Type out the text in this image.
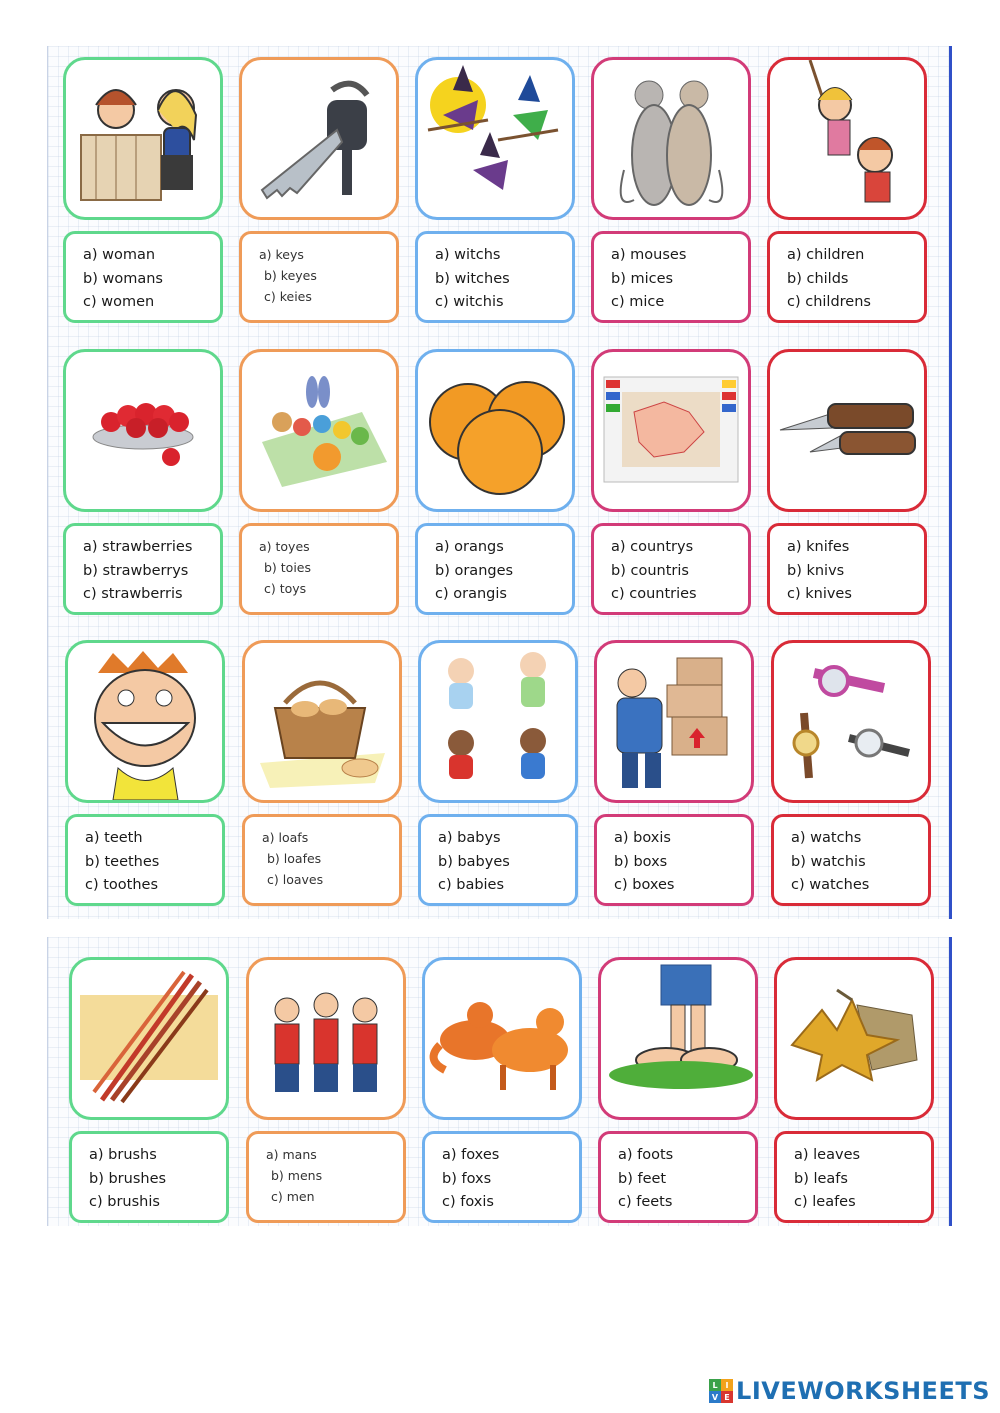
a) woman
b) womans
c) women
a) keys
b) keyes
c) keies
a) witchs
b) witches
c) witchis
a) mouses
b) mices
c) mice
a) children
b) childs
c) childrens
a) strawberries
b) strawberrys
c) strawberris
a) toyes
b) toies
c) toys
a) orangs
b) oranges
c) orangis
a) countrys
b) countris
c) countries
a) knifes
b) knivs
c) knives
a) teeth
b) teethes
c) toothes
a) loafs
b) loafes
c) loaves
a) babys
b) babyes
c) babies
a) boxis
b) boxs
c) boxes
a) watchs
b) watchis
c) watches
a) brushs
b) brushes
c) brushis
a) mans
b) mens
c) men
a) foxes
b) foxs
c) foxis
a) foots
b) feet
c) feets
a) leaves
b) leafs
c) leafes
L I
V E LIVEWORKSHEETS
